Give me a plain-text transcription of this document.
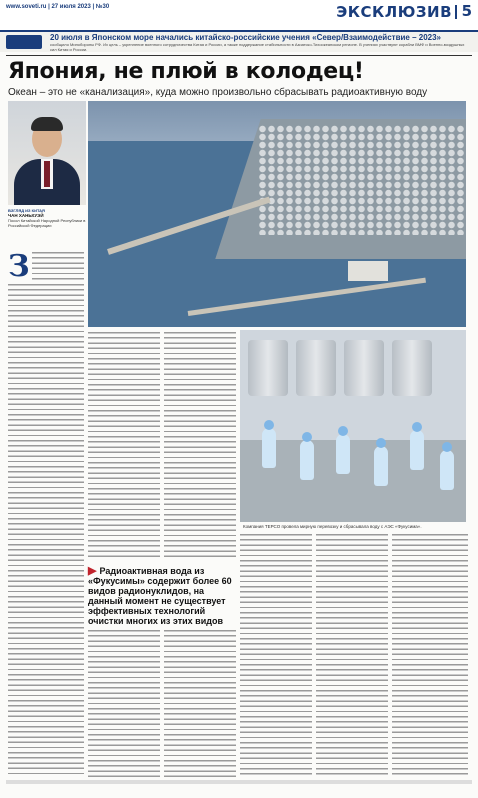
www.soveti.ru | 27 июля 2023 | №30	ЭКСКЛЮЗИВ 5
20 июля в Японском море начались китайско-российские учения «Север/Взаимодействие – 2023»
сообщило Минобороны РФ. Их цель – укрепление военного сотрудничества Китая и России, а также поддержание стабильности в Азиатско-Тихоокеанском регионе. В учениях участвуют корабли ВМФ и Военно-воздушных сил Китая и России.
Япония, не плюй в колодец!
Океан – это не «канализация», куда можно произвольно сбрасывать радиоактивную воду
ВЗГЛЯД ИЗ КИТАЯ
ЧАН ХАНЬХУЭЙ
Посол Китайской Народной Республики в Российской Федерации
З
▶ Радиоактивная вода из «Фукусимы» содержит более 60 видов радионуклидов, на данный момент не существует эффективных технологий очистки многих из этих видов
Компания ТЕРСО провела мирную перевозку и сбрасывала воду с АЭС «Фукусима».
